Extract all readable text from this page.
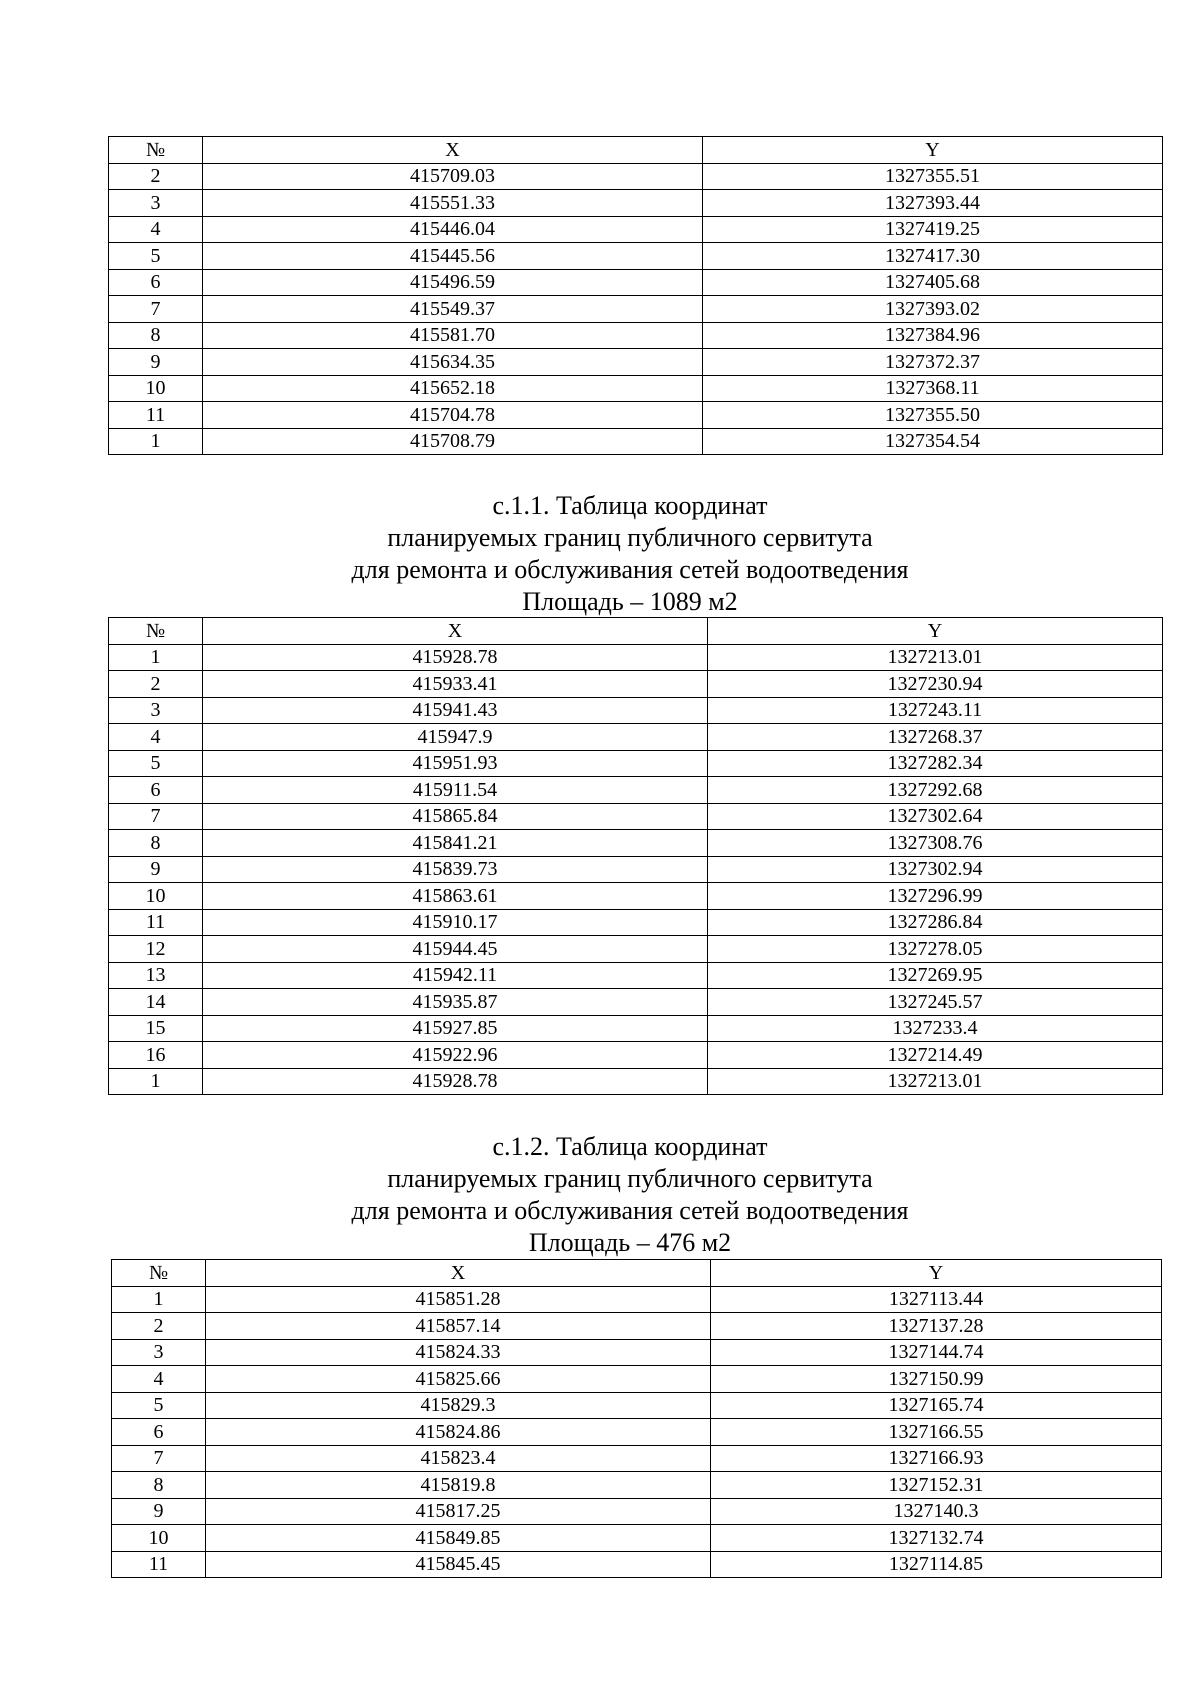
№	X	Y
2	415709.03	1327355.51
3	415551.33	1327393.44
4	415446.04	1327419.25
5	415445.56	1327417.30
6	415496.59	1327405.68
7	415549.37	1327393.02
8	415581.70	1327384.96
9	415634.35	1327372.37
10	415652.18	1327368.11
11	415704.78	1327355.50
1	415708.79	1327354.54
с.1.1. Таблица координат
планируемых границ публичного сервитута
для ремонта и обслуживания сетей водоотведения
Площадь – 1089 м2
№	X	Y
1	415928.78	1327213.01
2	415933.41	1327230.94
3	415941.43	1327243.11
4	415947.9	1327268.37
5	415951.93	1327282.34
6	415911.54	1327292.68
7	415865.84	1327302.64
8	415841.21	1327308.76
9	415839.73	1327302.94
10	415863.61	1327296.99
11	415910.17	1327286.84
12	415944.45	1327278.05
13	415942.11	1327269.95
14	415935.87	1327245.57
15	415927.85	1327233.4
16	415922.96	1327214.49
1	415928.78	1327213.01
с.1.2. Таблица координат
планируемых границ публичного сервитута
для ремонта и обслуживания сетей водоотведения
Площадь – 476 м2
№	X	Y
1	415851.28	1327113.44
2	415857.14	1327137.28
3	415824.33	1327144.74
4	415825.66	1327150.99
5	415829.3	1327165.74
6	415824.86	1327166.55
7	415823.4	1327166.93
8	415819.8	1327152.31
9	415817.25	1327140.3
10	415849.85	1327132.74
11	415845.45	1327114.85
